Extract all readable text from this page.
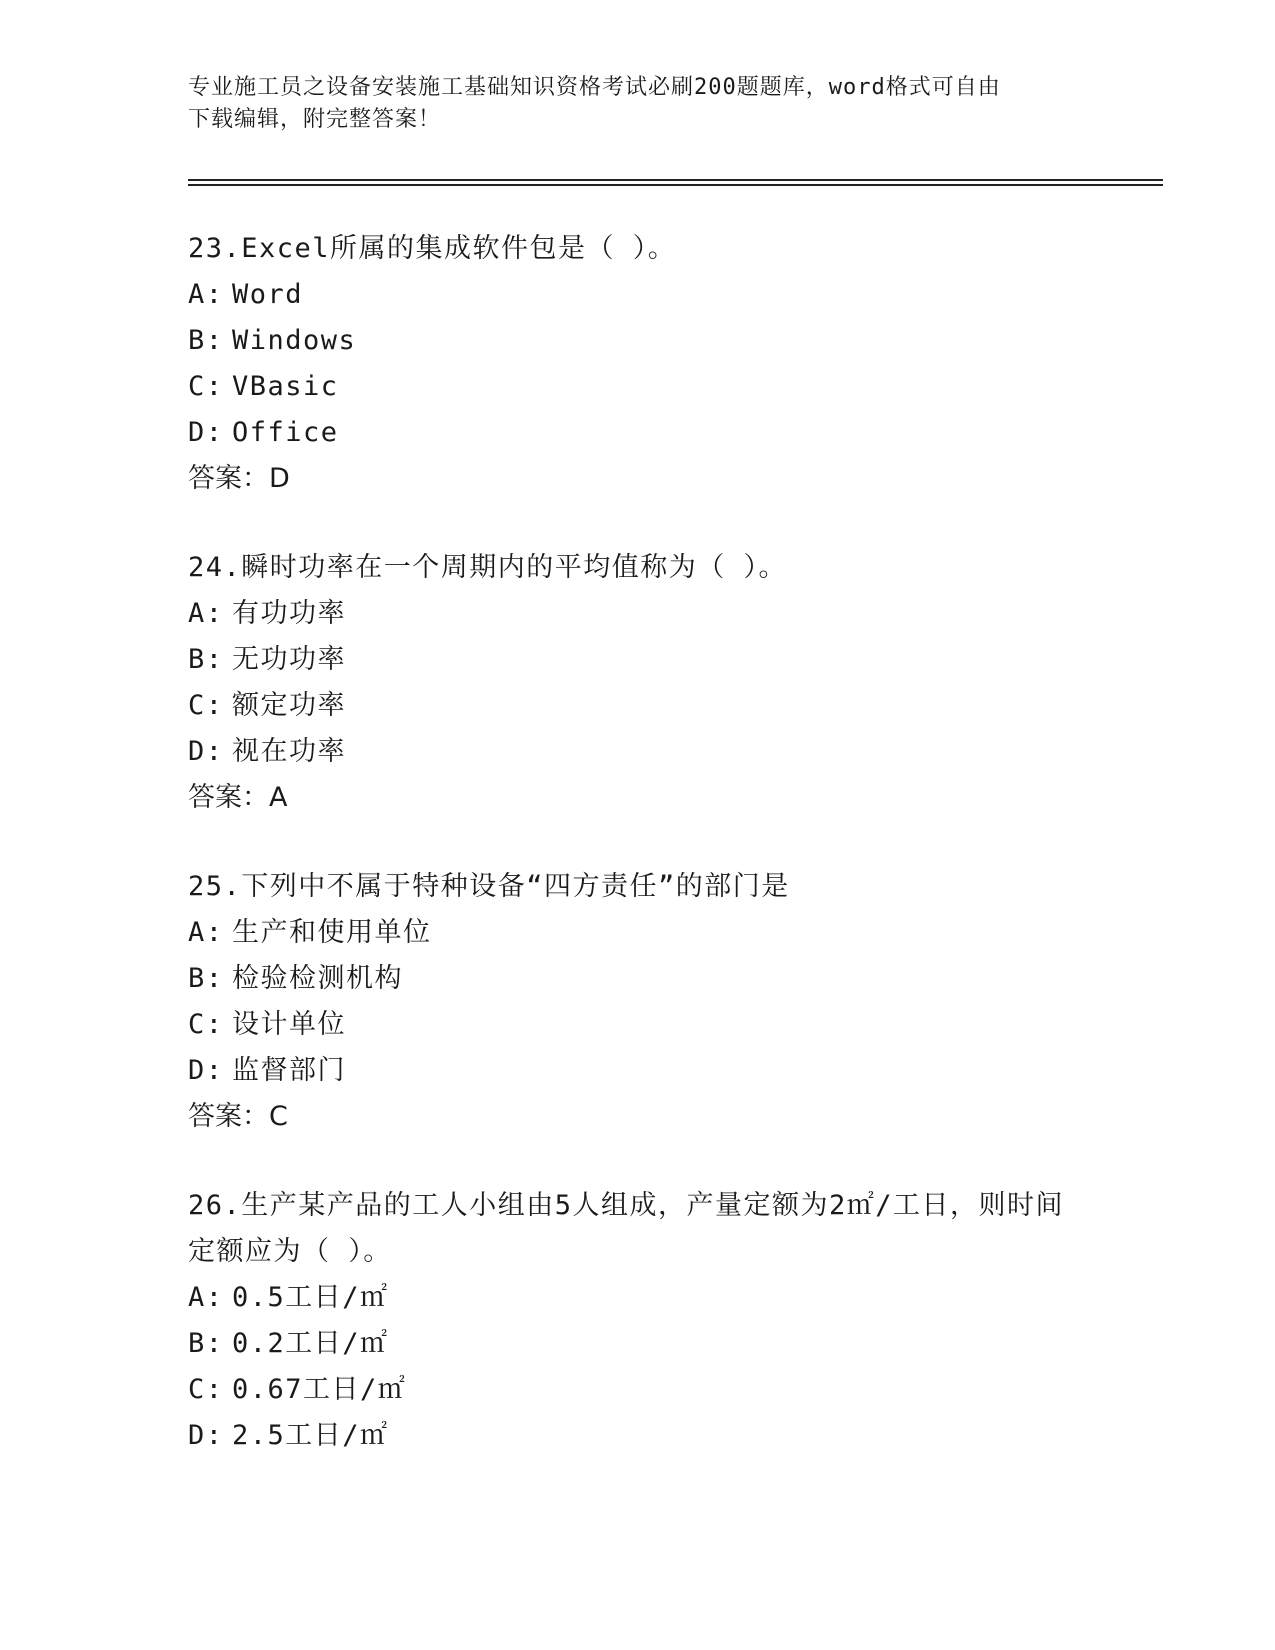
专业施工员之设备安装施工基础知识资格考试必刷200题题库，word格式可自由
下载编辑，附完整答案！

23.Excel所属的集成软件包是（ ）。
A: Word
B: Windows
C: VBasic
D: Office
答案：D
24.瞬时功率在一个周期内的平均值称为（ ）。
A: 有功功率
B: 无功功率
C: 额定功率
D: 视在功率
答案：A
25.下列中不属于特种设备“四方责任”的部门是
A: 生产和使用单位
B: 检验检测机构
C: 设计单位
D: 监督部门
答案：C
26.生产某产品的工人小组由5人组成，产量定额为2㎡/工日，则时间
定额应为（ ）。
A: 0.5工日/㎡
B: 0.2工日/㎡
C: 0.67工日/㎡
D: 2.5工日/㎡
